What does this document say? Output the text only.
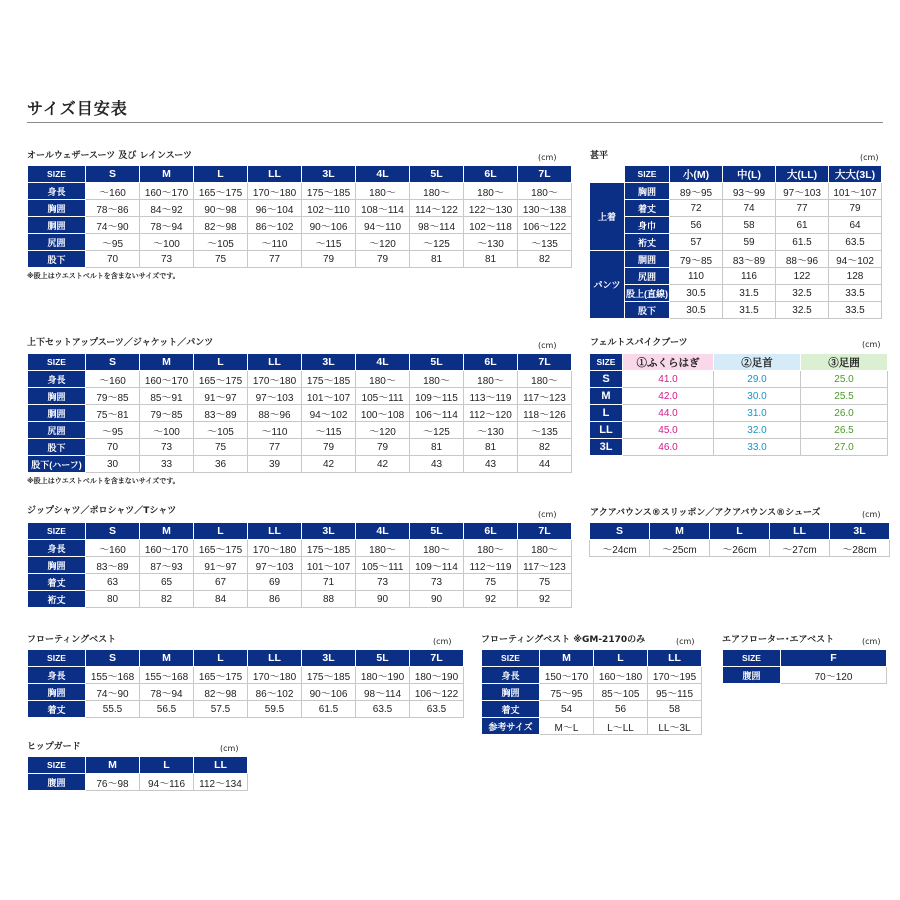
サイズ目安表
オールウェザースーツ 及び レインスーツ	(cm)
SIZE	S	M	L	LL	3L	4L	5L	6L	7L
身長	～160	160～170	165～175	170～180	175～185	180～	180～	180～	180～
胸囲	78～86	84～92	90～98	96～104	102～110	108～114	114～122	122～130	130～138
胴囲	74～90	78～94	82～98	86～102	90～106	94～110	98～114	102～118	106～122
尻囲	～95	～100	～105	～110	～115	～120	～125	～130	～135
股下	70	73	75	77	79	79	81	81	82
※股上はウエストベルトを含まないサイズです。
甚平	(cm)
	SIZE	小(M)	中(L)	大(LL)	大大(3L)
上着	胸囲	89～95	93～99	97～103	101～107
	着丈	72	74	77	79
	身巾	56	58	61	64
	裄丈	57	59	61.5	63.5
パンツ	胴囲	79～85	83～89	88～96	94～102
	尻囲	110	116	122	128
	股上(直線)	30.5	31.5	32.5	33.5
	股下	30.5	31.5	32.5	33.5
上下セットアップスーツ／ジャケット／パンツ	(cm)
SIZE	S	M	L	LL	3L	4L	5L	6L	7L
身長	～160	160～170	165～175	170～180	175～185	180～	180～	180～	180～
胸囲	79～85	85～91	91～97	97～103	101～107	105～111	109～115	113～119	117～123
胴囲	75～81	79～85	83～89	88～96	94～102	100～108	106～114	112～120	118～126
尻囲	～95	～100	～105	～110	～115	～120	～125	～130	～135
股下	70	73	75	77	79	79	81	81	82
股下(ハーフ)	30	33	36	39	42	42	43	43	44
※股上はウエストベルトを含まないサイズです。
フェルトスパイクブーツ	(cm)
SIZE	①ふくらはぎ	②足首	③足囲
S	41.0	29.0	25.0
M	42.0	30.0	25.5
L	44.0	31.0	26.0
LL	45.0	32.0	26.5
3L	46.0	33.0	27.0
ジップシャツ／ポロシャツ／Tシャツ	(cm)
SIZE	S	M	L	LL	3L	4L	5L	6L	7L
身長	～160	160～170	165～175	170～180	175～185	180～	180～	180～	180～
胸囲	83～89	87～93	91～97	97～103	101～107	105～111	109～114	112～119	117～123
着丈	63	65	67	69	71	73	73	75	75
裄丈	80	82	84	86	88	90	90	92	92
アクアバウンス®スリッポン／アクアバウンス®シューズ	(cm)
S	M	L	LL	3L
～24cm	～25cm	～26cm	～27cm	～28cm
フローティングベスト	(cm)
SIZE	S	M	L	LL	3L	5L	7L
身長	155～168	155～168	165～175	170～180	175～185	180～190	180～190
胸囲	74～90	78～94	82～98	86～102	90～106	98～114	106～122
着丈	55.5	56.5	57.5	59.5	61.5	63.5	63.5
フローティングベスト ※GM-2170のみ	(cm)
SIZE	M	L	LL
身長	150～170	160～180	170～195
胸囲	75～95	85～105	95～115
着丈	54	56	58
参考サイズ	M～L	L～LL	LL～3L
エアフローター･エアベスト	(cm)
SIZE	F
腹囲	70～120
ヒップガード	(cm)
SIZE	M	L	LL
腹囲	76～98	94～116	112～134
